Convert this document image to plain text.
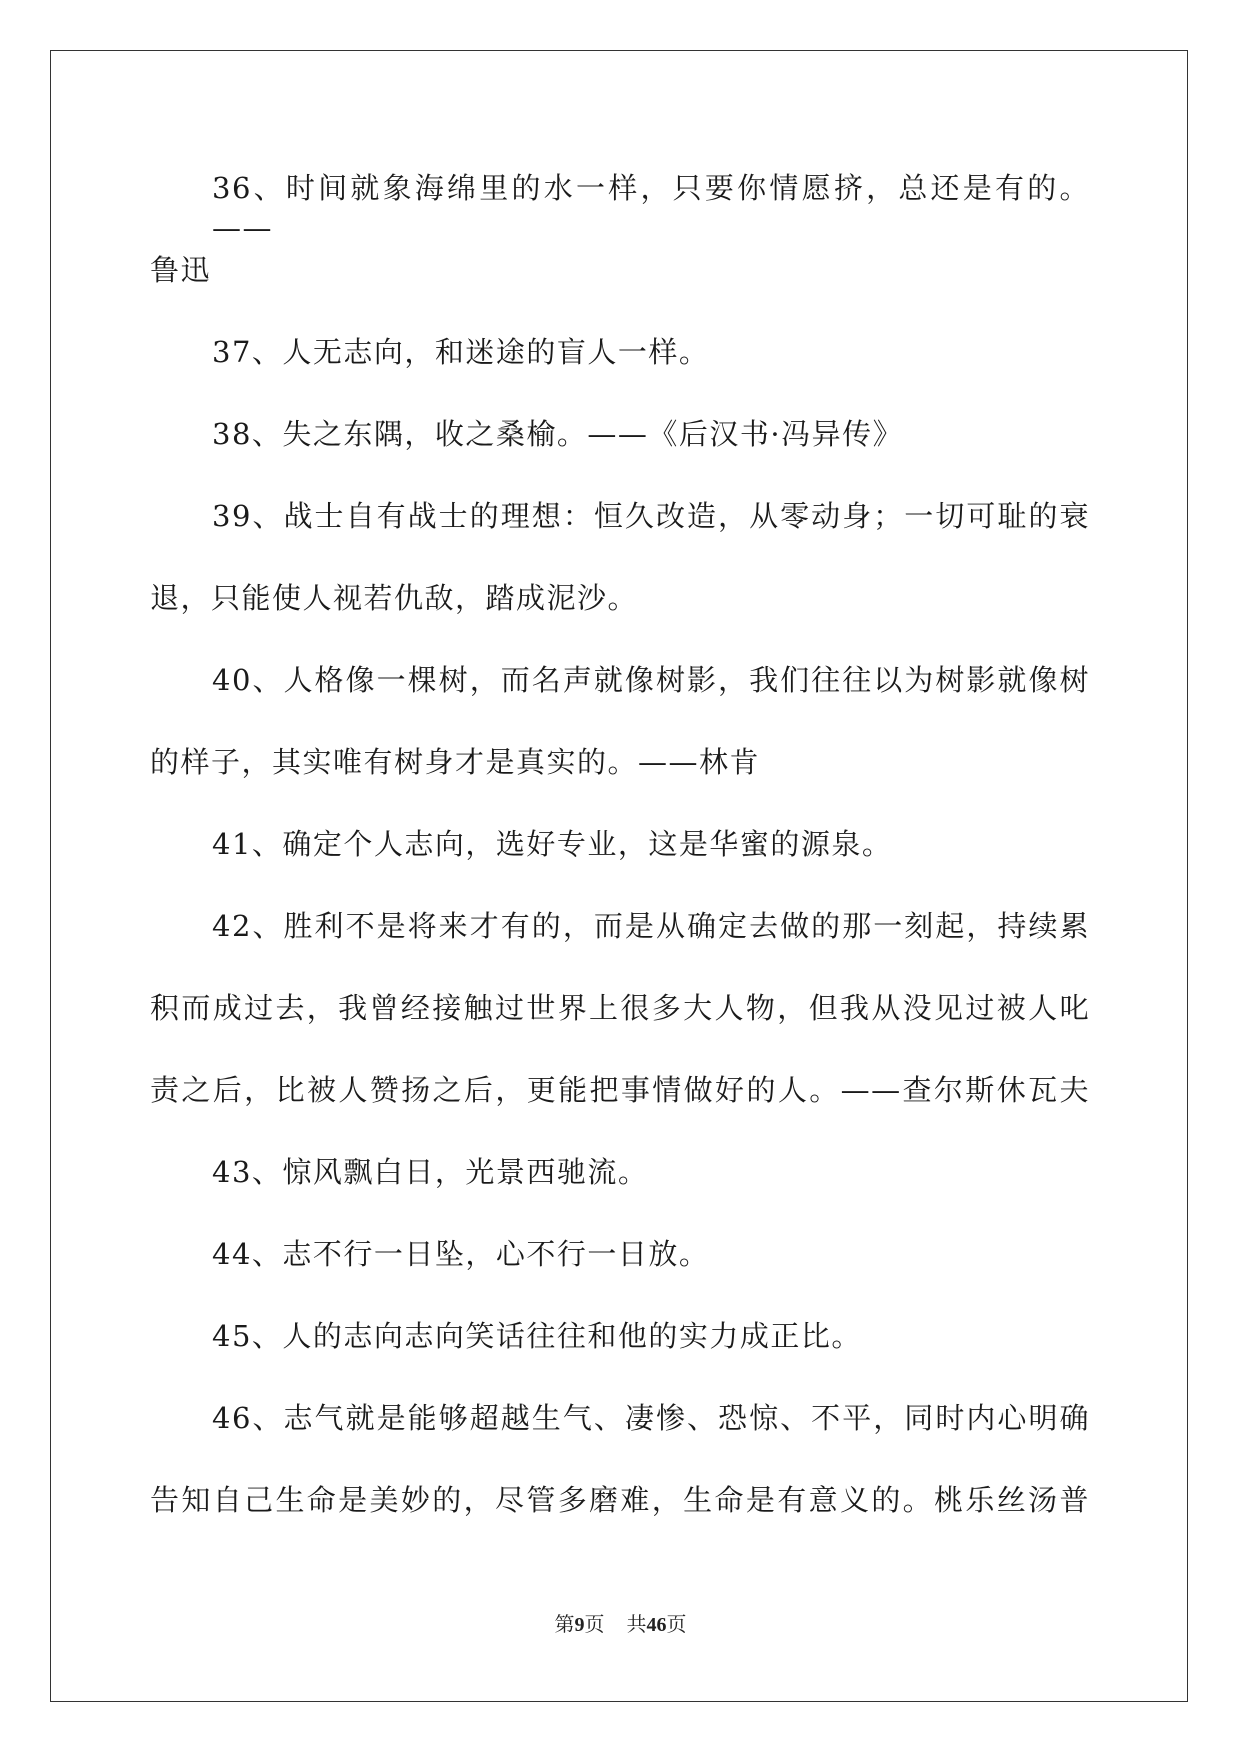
36、时间就象海绵里的水一样，只要你情愿挤，总还是有的。——
鲁迅
37、人无志向，和迷途的盲人一样。
38、失之东隅，收之桑榆。——《后汉书·冯异传》
39、战士自有战士的理想：恒久改造，从零动身；一切可耻的衰
退，只能使人视若仇敌，踏成泥沙。
40、人格像一棵树，而名声就像树影，我们往往以为树影就像树
的样子，其实唯有树身才是真实的。——林肯
41、确定个人志向，选好专业，这是华蜜的源泉。
42、胜利不是将来才有的，而是从确定去做的那一刻起，持续累
积而成过去，我曾经接触过世界上很多大人物，但我从没见过被人叱
责之后，比被人赞扬之后，更能把事情做好的人。——查尔斯休瓦夫
43、惊风飘白日，光景西驰流。
44、志不行一日坠，心不行一日放。
45、人的志向志向笑话往往和他的实力成正比。
46、志气就是能够超越生气、凄惨、恐惊、不平，同时内心明确
告知自己生命是美妙的，尽管多磨难，生命是有意义的。桃乐丝汤普
第9页 共46页
